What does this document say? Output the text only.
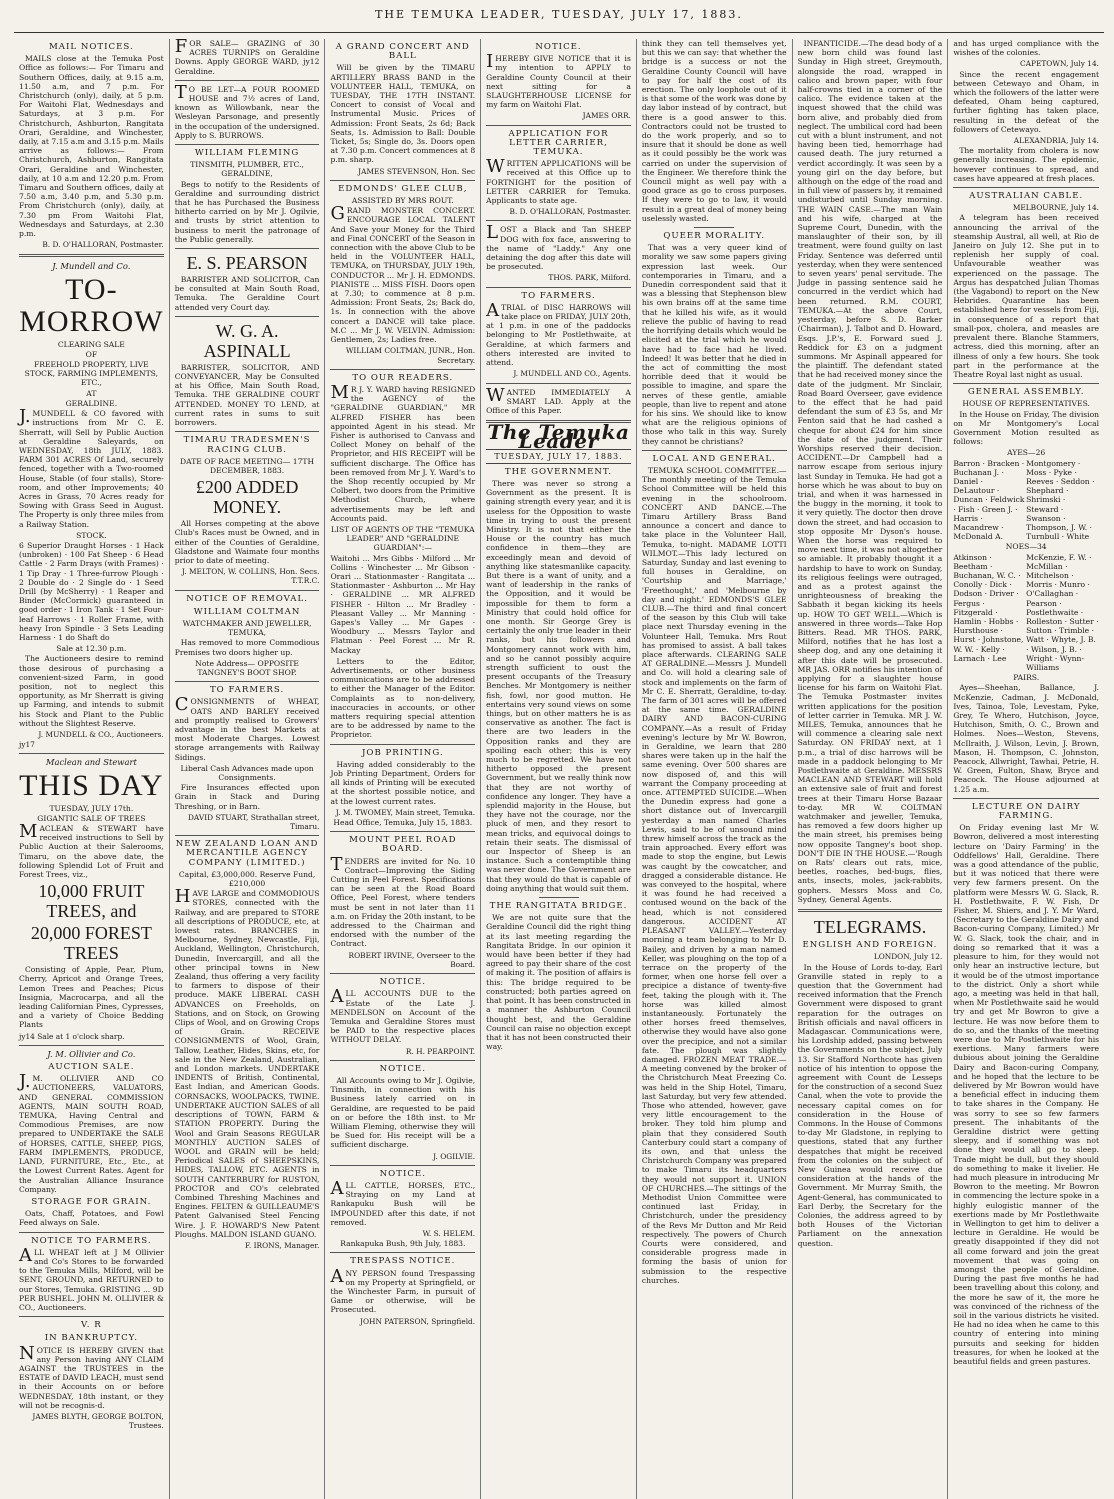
THE TEMUKA LEADER, TUESDAY, JULY 17, 1883.
MAIL NOTICES.

MAILS close at the Temuka Post Office as follows:— For Timaru and Southern Offices, daily, at 9.15 a.m, 11.50 a.m, and 7 p.m. For Christchurch (only), daily, at 5 p.m. For Waitohi Flat, Wednesdays and Saturdays, at 3 p.m. For Christchurch, Ashburton, Rangitata Orari, Geraldine, and Winchester, daily, at 7.15 a.m and 3.15 p.m. Mails arrive as follows:— From Christchurch, Ashburton, Rangitata Orari, Geraldine and Winchester, daily, at 10 a.m and 12.20 p.m. From Timaru and Southern offices, daily at 7.50 a.m, 3.40 p.m, and 5.30 p.m. From Christchurch (only), daily, at 7.30 pm From Waitohi Flat, Wednesdays and Saturdays, at 2.30 p.m.

B. D. O'HALLORAN, Postmaster.
J. Mundell and Co.
TO-MORROW
CLEARING SALE
OF
FREEHOLD PROPERTY, LIVE STOCK, FARMING IMPLEMENTS, ETC.,
AT
GERALDINE.

J.MUNDELL & CO favored with instructions from Mr C. E. Sherratt, will Sell by Public Auction at Geraldine Saleyards, on WEDNESDAY, 18th JULY, 1883. FARM 301 ACRES Of Land, securely fenced, together with a Two-roomed House, Stable (of four stalls), Store-room, and other Improvements; 40 Acres in Grass, 70 Acres ready for Sowing with Grass Seed in August. The Property is only three miles from a Railway Station.

STOCK.

6 Superior Draught Horses · 1 Hack (unbroken) · 100 Fat Sheep · 6 Head Cattle · 2 Farm Drays (with Frames) · 1 Tip Dray · 1 Three-furrow Plough · 2 Double do · 2 Single do · 1 Seed Drill (by McSherry) · 1 Reaper and Binder (McCormick) guaranteed in good order · 1 Iron Tank · 1 Set Four-leaf Harrows · 1 Roller Frame, with heavy Iron Spindle · 3 Sets Leading Harness · 1 do Shaft do

Sale at 12.30 p.m.

The Auctioneers desire to remind those desirous of purchasing a convenient-sized Farm, in good position, not to neglect this opportunity, as Mr Sherratt is giving up Farming, and intends to submit his Stock and Plant to the Public without the Slightest Reserve.

J. MUNDELL & CO., Auctioneers.
jy17
Maclean and Stewart
THIS DAY
TUESDAY, JULY 17th.
GIGANTIC SALE OF TREES

MACLEAN & STEWART have received instructions to Sell by Public Auction at their Salerooms, Timaru, on the above date, the following Splendid Lot of Fruit and Forest Trees, viz.,

10,000 FRUIT TREES, and
20,000 FOREST TREES

Consisting of Apple, Pear, Plum, Cherry, Apricot and Orange Trees, Lemon Trees and Peaches; Picus Insignia, Macrocarpa, and all the leading Californian Pines, Cypresses, and a variety of Choice Bedding Plants

jy14 Sale at 1 o'clock sharp.
J. M. Ollivier and Co.
AUCTION SALE.

J.M. OLLIVIER AND CO AUCTIONEERS, VALUATORS, AND GENERAL COMMISSION AGENTS, MAIN SOUTH ROAD, TEMUKA, Having Central and Commodious Premises, are now prepared to UNDERTAKE the SALE of HORSES, CATTLE, SHEEP, PIGS, FARM IMPLEMENTS, PRODUCE, LAND, FURNITURE, Etc., Etc., at the Lowest Current Rates. Agent for the Australian Alliance Insurance Company.

STORAGE FOR GRAIN.

Oats, Chaff, Potatoes, and Fowl Feed always on Sale.

NOTICE TO FARMERS.

ALL WHEAT left at J M Ollivier and Co's Stores to be forwarded to the Temuka Mills, Milford, will be SENT, GROUND, and RETURNED to our Stores, Temuka. GRISTING ... 9D PER BUSHEL. JOHN M. OLLIVIER & CO., Auctioneers.

V. R
IN BANKRUPTCY.

NOTICE IS HEREBY GIVEN that any Person having ANY CLAIM AGAINST the TRUSTEES in the ESTATE of DAVID LEACH, must send in their Accounts on or before WEDNESDAY, 18th instant, or they will not be recognis-d.

JAMES BLYTH, GEORGE BOLTON, Trustees.

FOR SALE— GRAZING of 30 ACRES TURNIPS on Geraldine Downs. Apply GEORGE WARD, jy12 Geraldine.

TO BE LET—A FOUR ROOMED HOUSE and 7½ acres of Land, known as Willowbank, near the Wesleyan Parsonage, and presently in the occupation of the undersigned. Apply to S. BURROWS.

WILLIAM FLEMING
TINSMITH, PLUMBER, ETC., GERALDINE,

Begs to notify to the Residents of Geraldine and surrounding district that he has Purchased the Business hitherto carried on by Mr J. Ogilvie, and trusts by strict attention to business to merit the patronage of the Public generally.

E. S. PEARSON

BARRISTER AND SOLICITOR, Can be consulted at Main South Road, Temuka. The Geraldine Court attended very Court day.

W. G. A. ASPINALL

BARRISTER, SOLICITOR, AND CONVEYANCER, May be Consulted at his Office, Main South Road, Temuka. THE GERALDINE COURT ATTENDED. MONEY TO LEND, at current rates in sums to suit borrowers.

TIMARU TRADESMEN'S RACING CLUB.
DATE OF RACE MEETING— 17TH DECEMBER, 1883.
£200 ADDED MONEY.

All Horses competing at the above Club's Races must be Owned, and in either of the Counties of Geraldine, Gladstone and Waimate four months prior to date of meeting.

J. MELTON, W. COLLINS, Hon. Secs. T.T.R.C.
NOTICE OF REMOVAL.
WILLIAM COLTMAN
WATCHMAKER AND JEWELLER, TEMUKA,

Has removed to more Commodious Premises two doors higher up.

Note Address— OPPOSITE TANGNEY'S BOOT SHOP.
TO FARMERS.

CONSIGNMENTS of WHEAT, OATS AND BARLEY received and promptly realised to Growers' advantage in the best Markets at most Moderate Charges. Lowest storage arrangements with Railway Sidings.

Liberal Cash Advances made upon Consignments.

Fire Insurances effected upon Grain in Stack and During Threshing, or in Barn.

DAVID STUART, Strathallan street, Timaru.
NEW ZEALAND LOAN AND MERCANTILE AGENCY COMPANY (LIMITED.)
Capital, £3,000,000. Reserve Fund, £210,000

HAVE LARGE and COMMODIOUS STORES, connected with the Railway, and are prepared to STORE all descriptions of PRODUCE, etc, at lowest rates. BRANCHES in Melbourne, Sydney, Newcastle, Fiji, Auckland, Wellington, Christchurch, Dunedin, Invercargill, and all the other principal towns in New Zealand, thus offering a very facility to farmers to dispose of their produce. MAKE LIBERAL CASH ADVANCES on Freeholds, on Stations, and on Stock, on Growing Clips of Wool, and on Growing Crops of Grain. RECEIVE CONSIGNMENTS of Wool, Grain, Tallow, Leather, Hides, Skins, etc, for sale in the New Zealand, Australian, and London markets. UNDERTAKE INDENTS of British, Continental, East Indian, and American Goods. CORNSACKS, WOOLPACKS, TWINE. UNDERTAKE AUCTION SALES of all descriptions of TOWN, FARM & STATION PROPERTY. During the Wool and Grain Seasons REGULAR MONTHLY AUCTION SALES of WOOL and GRAIN will be held; Periodical SALES of SHEEPSKINS, HIDES, TALLOW, ETC. AGENTS in SOUTH CANTERBURY for RUSTON, PROCTOR and CO's celebrated Combined Threshing Machines and Engines. FELTEN & GUILLEAUME'S Patent Galvanised Steel Fencing Wire. J. F. HOWARD'S New Patent Ploughs. MALDON ISLAND GUANO.

F. IRONS, Manager.
A GRAND CONCERT AND BALL

Will be given by the TIMARU ARTILLERY BRASS BAND in the VOLUNTEER HALL, TEMUKA, on TUESDAY, THE 17TH INSTANT. Concert to consist of Vocal and Instrumental Music. Prices of Admission: Front Seats, 2s 6d; Back Seats, 1s. Admission to Ball: Double Ticket, 5s; Single do, 3s. Doors open at 7.30 p.m. Concert commences at 8 p.m. sharp.

JAMES STEVENSON, Hon. Sec
EDMONDS' GLEE CLUB,
ASSISTED BY MRS ROUT.

GRAND MONSTER CONCERT. ENCOURAGE LOCAL TALENT And Save your Money for the Third and Final CONCERT of the Season in connection with the above Club to be held in the VOLUNTEER HALL, TEMUKA, on THURSDAY, JULY 19th, CONDUCTOR ... Mr J. H. EDMONDS. PIANISTE ... MISS FISH. Doors open at 7.30; to commence at 8 p.m. Admission: Front Seats, 2s; Back do, 1s. In connection with the above concert a DANCE will take place. M.C ... Mr J. W. VELVIN. Admission: Gentlemen, 2s; Ladies free.

WILLIAM COLTMAN, JUNR., Hon. Secretary.
TO OUR READERS.

MR J. Y. WARD having RESIGNED the AGENCY of the "GERALDINE GUARDIAN," MR ALFRED FISHER has been appointed Agent in his stead. Mr Fisher is authorised to Canvass and Collect Money on behalf of the Proprietor, and HIS RECEIPT will be sufficient discharge. The Office has been removed from Mr J. Y. Ward's to the Shop recently occupied by Mr Colbert, two doors from the Primitive Methodist Church, where advertisements may be left and Accounts paid.

LIST OF AGENTS OF THE "TEMUKA LEADER" AND "GERALDINE GUARDIAN":—

Waitohi ... Mrs Gibbs · Milford ... Mr Collins · Winchester ... Mr Gibson · Orari ... Stationmaster · Rangitata ... Stationmaster · Ashburton ... Mr Hay · GERALDINE ... MR ALFRED FISHER · Hilton ... Mr Bradley · Pleasant Valley ... Mr Manning · Gapes's Valley ... Mr Gapes · Woodbury ... Messrs Taylor and Flatman · Peel Forest ... Mr R. Mackay

Letters to the Editor, Advertisements, or other business communications are to be addressed to either the Manager of the Editor. Complaints as to non-delivery, inaccuracies in accounts, or other matters requiring special attention are to be addressed by name to the Proprietor.

JOB PRINTING.

Having added considerably to the Job Printing Department, Orders for all kinds of Printing will be executed at the shortest possible notice, and at the lowest current rates.

J. M. TWOMEY, Main street, Temuka.
Head Office, Temuka, July 15, 1883.
MOUNT PEEL ROAD BOARD.

TENDERS are invited for No. 10 Contract—Improving the Siding Cutting in Peel Forest. Specifications can be seen at the Road Board Office, Peel Forest, where tenders must be sent in not later than 11 a.m. on Friday the 20th instant, to be addressed to the Chairman and endorsed with the number of the Contract.

ROBERT IRVINE, Overseer to the Board.
NOTICE.

ALL ACCOUNTS DUE to the Estate of the Late J. MENDELSON on Account of the Temuka and Geraldine Stores must be PAID to the respective places WITHOUT DELAY.

R. H. PEARPOINT.
NOTICE.

All Accounts owing to Mr J. Ogilvie, Tinsmith, in connection with his Business lately carried on in Geraldine, are requested to be paid on or before the 18th inst. to Mr William Fleming, otherwise they will be Sued for. His receipt will be a sufficient discharge.

J. OGILVIE.
NOTICE.

ALL CATTLE, HORSES, ETC., Straying on my Land at Rankapuku Bush will be IMPOUNDED after this date, if not removed.

W. S. HELEM.
Rankapuka Bush, 9th July, 1883.
TRESPASS NOTICE.

ANY PERSON found Trespassing on my Property at Springfield, or the Winchester Farm, in pursuit of Game or otherwise, will be Prosecuted.

JOHN PATERSON, Springfield.
NOTICE.

IHEREBY GIVE NOTICE that it is my intention to APPLY to Geraldine County Council at their next sitting for a SLAUGHTERHOUSE LICENSE for my farm on Waitohi Flat.

JAMES ORR.
APPLICATION FOR LETTER CARRIER, TEMUKA.

WRITTEN APPLICATIONS will be received at this Office up to FORTNIGHT for the position of LETTER CARRIER for Temuka. Applicants to state age.

B. D. O'HALLORAN, Postmaster.

LOST a Black and Tan SHEEP DOG with fox face, answering to the name of "Laddy." Any one detaining the dog after this date will be prosecuted.

THOS. PARK, Milford.
TO FARMERS.

ATRIAL of DISC HARROWS will take place on FRIDAY, JULY 20th, at 1 p.m. in one of the paddocks belonging to Mr Postlethwaite, at Geraldine, at which farmers and others interested are invited to attend.

J. MUNDELL AND CO., Agents.

WANTED IMMEDIATELY A SMART LAD. Apply at the Office of this Paper.

The Temuka Leader
TUESDAY, JULY 17, 1883.
THE GOVERNMENT.

There was never so strong a Government as the present. It is gaining strength every year, and it is useless for the Opposition to waste time in trying to oust the present Ministry. It is not that either the House or the country has much confidence in them—they are exceedingly mean and devoid of anything like statesmanlike capacity. But there is a want of unity, and a want of leadership in the ranks of the Opposition, and it would be impossible for them to form a Ministry that could hold office for one month. Sir George Grey is certainly the only true leader in their ranks, but his followers and Montgomery cannot work with him, and so he cannot possibly acquire strength sufficient to oust the present occupants of the Treasury Benches. Mr Montgomery is neither fish, fowl, nor good mutton. He entertains very sound views on some things, but on other matters he is as conservative as another. The fact is there are two leaders in the Opposition ranks and they are spoiling each other; this is very much to be regretted. We have not hitherto opposed the present Government, but we really think now that they are not worthy of confidence any longer. They have a splendid majority in the House, but they have not the courage, nor the pluck of men, and they resort to mean tricks, and equivocal doings to retain their seats. The dismissal of our Inspector of Sheep is an instance. Such a contemptible thing was never done. The Government are that they would do that is capable of doing anything that would suit them.

THE RANGITATA BRIDGE.

We are not quite sure that the Geraldine Council did the right thing at its last meeting regarding the Rangitata Bridge. In our opinion it would have been better if they had agreed to pay their share of the cost of making it. The position of affairs is this: The bridge required to be constructed; both parties agreed on that point. It has been constructed in a manner the Ashburton Council thought best, and the Geraldine Council can raise no objection except that it has not been constructed their way.

think they can tell themselves yet, but this we can say: that whether the bridge is a success or not the Geraldine County Council will have to pay for half the cost of its erection. The only loophole out of it is that some of the work was done by day labor instead of by contract, but there is a good answer to this. Contractors could not be trusted to do the work properly, and so to insure that it should be done as well as it could possibly be the work was carried on under the supervision of the Engineer. We therefore think the Council might as well pay with a good grace as go to cross purposes. If they were to go to law, it would result in a great deal of money being uselessly wasted.

QUEER MORALITY.

That was a very queer kind of morality we saw some papers giving expression last week. Our contemporaries in Timaru, and a Dunedin correspondent said that it was a blessing that Stephenson blew his own brains off at the same time that he killed his wife, as it would relieve the public of having to read the horrifying details which would be elicited at the trial which he would have had to face had he lived. Indeed! It was better that he died in the act of committing the most horrible deed that it would be possible to imagine, and spare the nerves of these gentle, amiable people, than live to repent and atone for his sins. We should like to know what are the religious opinions of those who talk in this way. Surely they cannot be christians?

LOCAL AND GENERAL.

TEMUKA SCHOOL COMMITTEE.—The monthly meeting of the Temuka School Committee will be held this evening in the schoolroom. CONCERT AND DANCE.—The Timaru Artillery Brass Band announce a concert and dance to take place in the Volunteer Hall, Temuka, to-night. MADAME LOTTI WILMOT.—This lady lectured on Saturday, Sunday and last evening to full houses in Geraldine, on 'Courtship and Marriage,' 'Freethought,' and 'Melbourne by day and night.' EDMONDS'S GLEE CLUB.—The third and final concert of the season by this Club will take place next Thursday evening in the Volunteer Hall, Temuka. Mrs Rout has promised to assist. A ball takes place afterwards. CLEARING SALE AT GERALDINE.—Messrs J. Mundell and Co. will hold a clearing sale of stock and implements on the farm of Mr C. E. Sherratt, Geraldine, to-day. The farm of 301 acres will be offered at the same time. GERALDINE DAIRY AND BACON-CURING COMPANY.—As a result of Friday evening's lecture by Mr W. Bowron, in Geraldine, we learn that 280 shares were taken up in the half the same evening. Over 500 shares are now disposed of, and this will warrant the Company proceeding at once. ATTEMPTED SUICIDE.—When the Dunedin express had gone a short distance out of Invercargill yesterday a man named Charles Lewis, said to be of unsound mind threw himself across the track as the train approached. Every effort was made to stop the engine, but Lewis was caught by the cowcatcher, and dragged a considerable distance. He was conveyed to the hospital, where it was found he had received a contused wound on the back of the head, which is not considered dangerous. ACCIDENT AT PLEASANT VALLEY.—Yesterday morning a team belonging to Mr D. Bailey, and driven by a man named Keller, was ploughing on the top of a terrace on the property of the former, when one horse fell over a precipice a distance of twenty-five feet, taking the plough with it. The horse was killed almost instantaneously. Fortunately the other horses freed themselves, otherwise they would have also gone over the precipice, and not a similar fate. The plough was slightly damaged. FROZEN MEAT TRADE.—A meeting convened by the broker of the Christchurch Meat Freezing Co. was held in the Ship Hotel, Timaru, last Saturday, but very few attended. Those who attended, however, gave very little encouragement to the broker. They told him plump and plain that they considered South Canterbury could start a company of its own, and that unless the Christchurch Company was prepared to make Timaru its headquarters they would not support it. UNION OF CHURCHES.—The sittings of the Methodist Union Committee were continued last Friday, in Christchurch, under the presidency of the Revs Mr Dutton and Mr Reid respectively. The powers of Church Courts were considered, and considerable progress made in forming the basis of union for submission to the respective churches.

INFANTICIDE.—The dead body of a new born child was found last Sunday in High street, Greymouth, alongside the road, wrapped in calico and brown paper, with four half-crowns tied in a corner of the calico. The evidence taken at the inquest showed that the child was born alive, and probably died from neglect. The umbilical cord had been cut with a blunt instrument, and not having been tied, hemorrhage had caused death. The jury returned a verdict accordingly. It was seen by a young girl on the day before, but although on the edge of the road and in full view of passers by, it remained undisturbed until Sunday morning. THE WAIN CASE.—The man Wain and his wife, charged at the Supreme Court, Dunedin, with the manslaughter of their son, by ill treatment, were found guilty on last Friday. Sentence was deferred until yesterday, when they were sentenced to seven years' penal servitude. The Judge in passing sentence said he concurred in the verdict which had been returned. R.M. COURT, TEMUKA.—At the above Court, yesterday, before S. D. Barker (Chairman), J. Talbot and D. Howard, Esqs. J.P.'s, E. Forward sued J. Reddick for £3 on a judgment summons. Mr Aspinall appeared for the plaintiff. The defendant stated that he had received money since the date of the judgment. Mr Sinclair, Road Board Overseer, gave evidence to the effect that he had paid defendant the sum of £3 5s, and Mr Fenton said that he had cashed a cheque for about £24 for him since the date of the judgment. Their Worships reserved their decision. ACCIDENT.—Dr Campbell had a narrow escape from serious injury last Sunday in Temuka. He had got a horse which he was about to buy on trial, and when it was harnessed in the buggy in the morning, it took to it very quietly. The doctor then drove down the street, and had occasion to stop opposite Mr Dyson's house. When the horse was required to move next time, it was not altogether so amiable. It probably thought it a hardship to have to work on Sunday, its religious feelings were outraged, and as a protest against the unrighteousness of breaking the Sabbath it began kicking its heels up. HOW TO GET WELL.—Which is answered in three words—Take Hop Bitters. Read. MR THOS. PARK, Milford, notifies that he has lost a sheep dog, and any one detaining it after this date will be prosecuted. MR JAS. ORR notifies his intention of applying for a slaughter house license for his farm on Waitohi Flat. The Temuka Postmaster invites written applications for the position of letter carrier in Temuka. MR J. W. MILES, Temuka, announces that he will commence a clearing sale next Saturday. ON FRIDAY next, at 1 p.m., a trial of disc harrows will be made in a paddock belonging to Mr Postlethwaite at Geraldine. MESSRS MACLEAN AND STEWART will hold an extensive sale of fruit and forest trees at their Timaru Horse Bazaar to-day. MR W. COLTMAN watchmaker and jeweller, Temuka, has removed a few doors higher up the main street, his premises being now opposite Tangney's boot shop. DON'T DIE IN THE HOUSE.—'Rough on Rats' clears out rats, mice, beetles, roaches, bed-bugs, flies, ants, insects, moles, jack-rabbits, gophers. Messrs Moss and Co, Sydney, General Agents.

TELEGRAMS.
ENGLISH AND FOREIGN.
LONDON, July 12.

In the House of Lords to-day, Earl Granville stated in reply to a question that the Government had received information that the French Government were disposed to grant reparation for the outrages on British officials and naval officers in Madagascar. Communications were, his Lordship added, passing between the Governments on the subject. July 13. Sir Stafford Northcote has given notice of his intention to oppose the agreement with Count de Lesseps for the construction of a second Suez Canal, when the vote to provide the necessary capital comes on for consideration in the House of Commons. In the House of Commons to-day Mr Gladstone, in replying to questions, stated that any further despatches that might be received from the colonies on the subject of New Guinea would receive due consideration at the hands of the Government. Mr Murray Smith, the Agent-General, has communicated to Earl Derby, the Secretary for the Colonies, the address agreed to by both Houses of the Victorian Parliament on the annexation question.

and has urged compliance with the wishes of the colonies.

CAPETOWN, July 14.

Since the recent engagement between Cetewayo and Oham, in which the followers of the latter were defeated, Oham being captured, further fighting has taken place, resulting in the defeat of the followers of Cetewayo.

ALEXANDRIA, July 14.

The mortality from cholera is now generally increasing. The epidemic, however continues to spread, and cases have appeared at fresh places.

AUSTRALIAN CABLE.
MELBOURNE, July 14.

A telegram has been received announcing the arrival of the steamship Austral, all well, at Rio de Janeiro on July 12. She put in to replenish her supply of coal. Unfavourable weather was experienced on the passage. The Argus has despatched Julian Thomas (the Vagabond) to report on the New Hebrides. Quarantine has been established here for vessels from Fiji, in consequence of a report that small-pox, cholera, and measles are prevalent there. Blanche Stammers, actress, died this morning, after an illness of only a few hours. She took part in the performance at the Theatre Royal last night as usual.

GENERAL ASSEMBLY.
HOUSE OF REPRESENTATIVES.

In the House on Friday, The division on Mr Montgomery's Local Government Motion resulted as follows:

AYES—26
Barron · Bracken · Buchanan J. · Daniel · DeLautour · Duncan · Feldwick · Fish · Green J. · Harris · Macandrew · McDonald A.
Montgomery · Moss · Pyke · Reeves · Seddon · Shephard · Shrimski · Steward · Swanson · Thompson, J. W. · Turnbull · White
NOES—34
Atkinson · Beetham · Buchanan, W. C. · Conolly · Dick · Dodson · Driver · Fergus · Fitzgerald · Hamlin · Hobbs · Hursthouse · Hurst · Johnstone, W. W. · Kelly · Larnach · Lee
McKenzie, F. W. · McMillan · Mitchelson · Morris · Munro · O'Callaghan · Pearson · Postlethwaite · Rolleston · Sutter · Sutton · Trimble · Watt · Whyte, J. B. · Wilson, J. B. · Wright · Wynn-Williams
PAIRS.

Ayes—Sheehan, Ballance, J. McKenzie, Cadman, J. McDonald, Ives, Tainoa, Tole, Levestam, Pyke, Grey, Te Whero, Hutchison, Joyce, Hutchison, Smith, O. C., Brown and Holmes. Noes—Weston, Stevens, McIlraith, J. Wilson, Levin, J. Brown, Mason, H. Thompson, C. Johnston, Peacock, Allwright, Tawhai, Petrie, H. W. Green, Fulton, Shaw, Bryce and Peacock. The House adjourned at 1.25 a.m.

LECTURE ON DAIRY FARMING.

On Friday evening last Mr W. Bowron, delivered a most interesting lecture on 'Dairy Farming' in the Oddfellows' Hall, Geraldine. There was a good attendance of the public, but it was noticed that there were very few farmers present. On the platform were Messrs W. G. Slack, R. H. Postlethwaite, F. W. Fish, Dr Fisher, M. Shiers, and J. Y. Mr Ward, (Secretary to the Geraldine Dairy and Bacon-curing Company, Limited.) Mr W. G. Slack, took the chair, and in doing so remarked that it was a pleasure to him, for they would not only hear an instructive lecture, but it would be of the utmost importance to the district. Only a short while ago, a meeting was held in that hall, when Mr Postlethwaite said he would try and get Mr Bowron to give a lecture. He was now before them to do so, and the thanks of the meeting were due to Mr Postlethwaite for his exertions. Many farmers were dubious about joining the Geraldine Dairy and Bacon-curing Company, and he hoped that the lecture to be delivered by Mr Bowron would have a beneficial effect in inducing them to take shares in the Company. He was sorry to see so few farmers present. The inhabitants of the Geraldine district were getting sleepy, and if something was not done they would all go to sleep. Trade might be dull, but they should do something to make it livelier. He had much pleasure in introducing Mr Bowron to the meeting. Mr Bowron in commencing the lecture spoke in a highly eulogistic manner of the exertions made by Mr Postlethwaite in Wellington to get him to deliver a lecture in Geraldine. He would be greatly disappointed if they did not all come forward and join the great movement that was going on amongst the people of Geraldine. During the past five months he had been travelling about this colony, and the more he saw of it, the more he was convinced of the richness of the soil in the various districts he visited. He had no idea when he came to this country of entering into mining pursuits and seeking for hidden treasures, for when he looked at the beautiful fields and green pastures.
